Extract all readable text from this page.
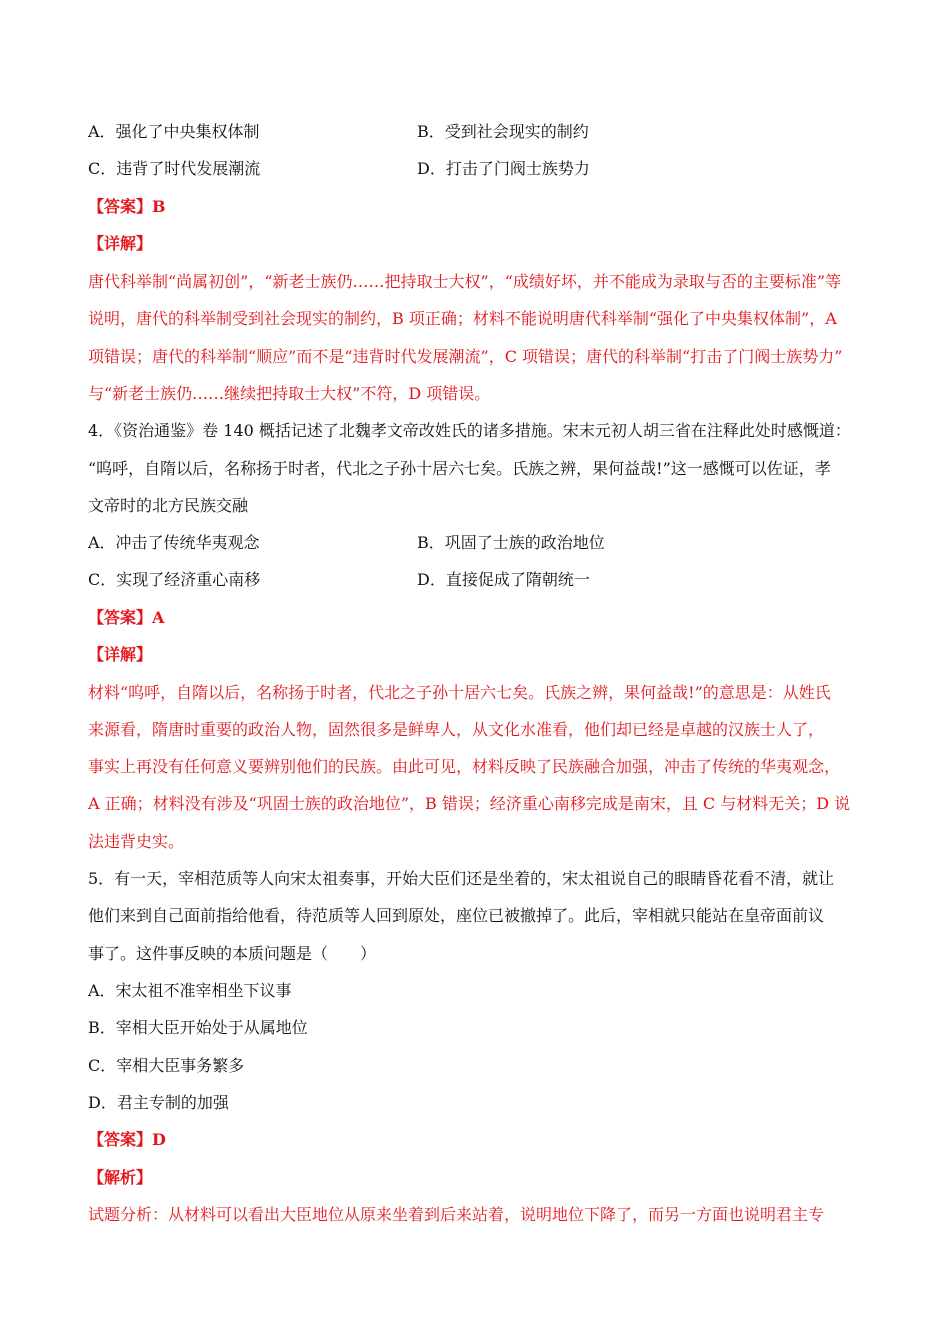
A．强化了中央集权体制	B．受到社会现实的制约
C．违背了时代发展潮流	D．打击了门阀士族势力
【答案】B
【详解】
唐代科举制“尚属初创”，“新老士族仍……把持取士大权”，“成绩好坏，并不能成为录取与否的主要标准”等
说明，唐代的科举制受到社会现实的制约，B 项正确；材料不能说明唐代科举制“强化了中央集权体制”，A
项错误；唐代的科举制“顺应”而不是“违背时代发展潮流”，C 项错误；唐代的科举制“打击了门阀士族势力”
与“新老士族仍……继续把持取士大权”不符，D 项错误。
4．《资治通鉴》卷 140 概括记述了北魏孝文帝改姓氏的诸多措施。宋末元初人胡三省在注释此处时感慨道：
“呜呼，自隋以后，名称扬于时者，代北之子孙十居六七矣。氏族之辨，果何益哉!”这一感慨可以佐证，孝
文帝时的北方民族交融
A．冲击了传统华夷观念	B．巩固了士族的政治地位
C．实现了经济重心南移	D．直接促成了隋朝统一
【答案】A
【详解】
材料“呜呼，自隋以后，名称扬于时者，代北之子孙十居六七矣。氏族之辨，果何益哉!”的意思是：从姓氏
来源看，隋唐时重要的政治人物，固然很多是鲜卑人，从文化水准看，他们却已经是卓越的汉族士人了，
事实上再没有任何意义要辨别他们的民族。由此可见，材料反映了民族融合加强，冲击了传统的华夷观念，
A 正确；材料没有涉及“巩固士族的政治地位”，B 错误；经济重心南移完成是南宋，且 C 与材料无关；D 说
法违背史实。
5．有一天，宰相范质等人向宋太祖奏事，开始大臣们还是坐着的，宋太祖说自己的眼睛昏花看不清，就让
他们来到自己面前指给他看，待范质等人回到原处，座位已被撤掉了。此后，宰相就只能站在皇帝面前议
事了。这件事反映的本质问题是（　　）
A．宋太祖不准宰相坐下议事
B．宰相大臣开始处于从属地位
C．宰相大臣事务繁多
D．君主专制的加强
【答案】D
【解析】
试题分析：从材料可以看出大臣地位从原来坐着到后来站着，说明地位下降了，而另一方面也说明君主专
